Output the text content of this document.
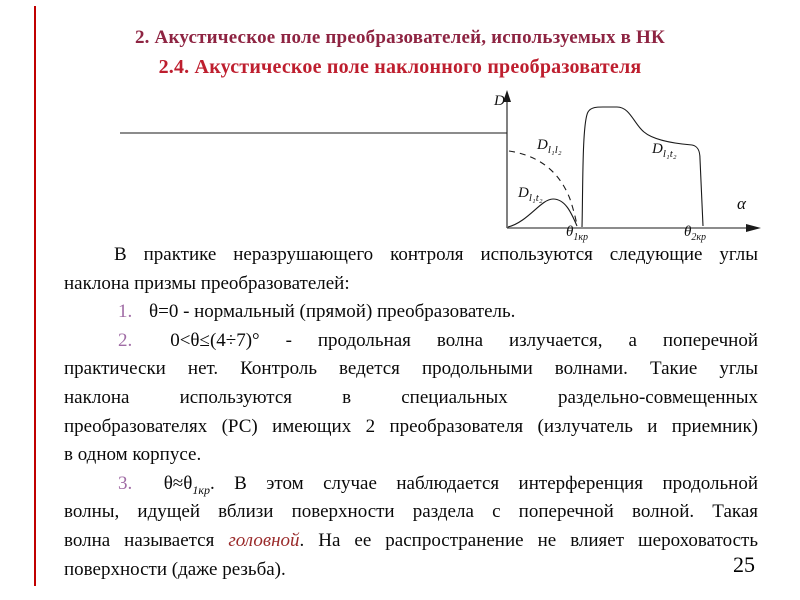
2. Акустическое поле преобразователей, используемых в НК
2.4. Акустическое поле наклонного преобразователя
D
α
$\theta_{1кр}$	$\theta_{2кр}$
$D_{l_1l_2}$
$D_{l_1t_2}$
$D_{l_1t_2}$
В практике неразрушающего контроля используются следующие углы
наклона призмы преобразователей:
1. θ=0 - нормальный (прямой) преобразователь.
2. 0<θ≤(4÷7)° - продольная волна излучается, а поперечной
практически нет. Контроль ведется продольными волнами. Такие углы
наклона используются в специальных раздельно-совмещенных
преобразователях (РС) имеющих 2 преобразователя (излучатель и приемник)
в одном корпусе.
3. $\theta\approx\theta_{1кр}$. В этом случае наблюдается интерференция продольной
волны, идущей вблизи поверхности раздела с поперечной волной. Такая
волна называется головной. На ее распространение не влияет шероховатость
поверхности (даже резьба).	25
